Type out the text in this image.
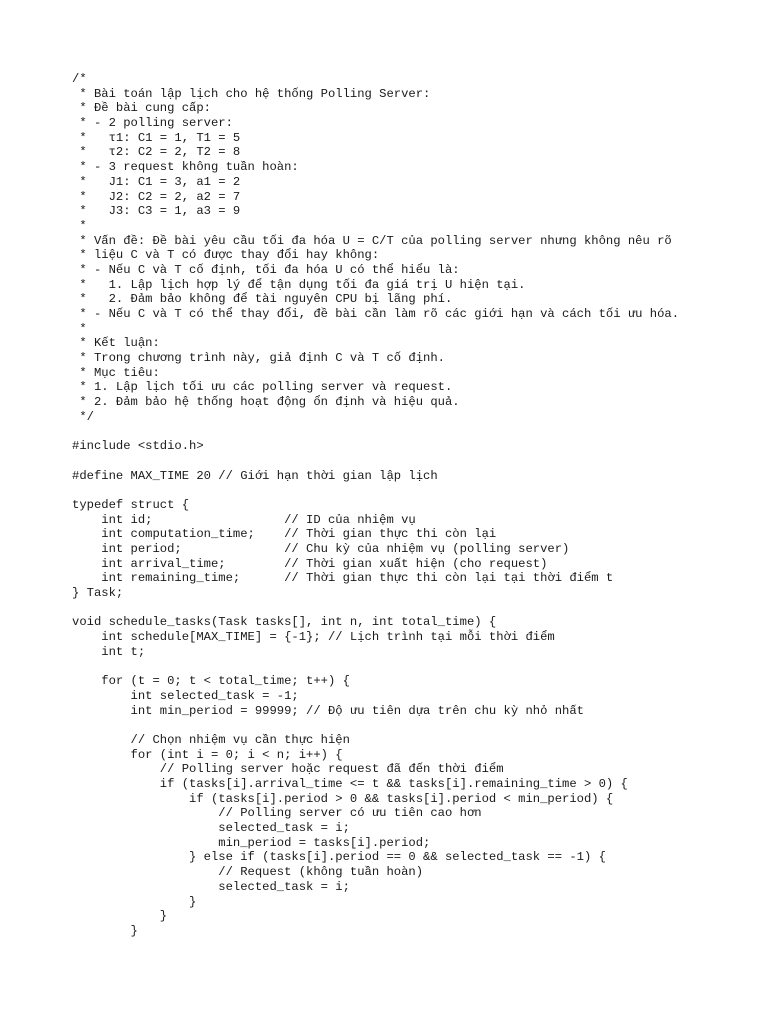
/*
* Bài toán lập lịch cho hệ thống Polling Server:
* Đề bài cung cấp:
* - 2 polling server:
*   τ1: C1 = 1, T1 = 5
*   τ2: C2 = 2, T2 = 8
* - 3 request không tuần hoàn:
*   J1: C1 = 3, a1 = 2
*   J2: C2 = 2, a2 = 7
*   J3: C3 = 1, a3 = 9
*
* Vấn đề: Đề bài yêu cầu tối đa hóa U = C/T của polling server nhưng không nêu rõ
* liệu C và T có được thay đổi hay không:
* - Nếu C và T cố định, tối đa hóa U có thể hiểu là:
*   1. Lập lịch hợp lý để tận dụng tối đa giá trị U hiện tại.
*   2. Đảm bảo không để tài nguyên CPU bị lãng phí.
* - Nếu C và T có thể thay đổi, đề bài cần làm rõ các giới hạn và cách tối ưu hóa.
*
* Kết luận:
* Trong chương trình này, giả định C và T cố định.
* Mục tiêu:
* 1. Lập lịch tối ưu các polling server và request.
* 2. Đảm bảo hệ thống hoạt động ổn định và hiệu quả.
*/
#include <stdio.h>
#define MAX_TIME 20 // Giới hạn thời gian lập lịch
typedef struct {
int id;                  // ID của nhiệm vụ
int computation_time;    // Thời gian thực thi còn lại
int period;              // Chu kỳ của nhiệm vụ (polling server)
int arrival_time;        // Thời gian xuất hiện (cho request)
int remaining_time;      // Thời gian thực thi còn lại tại thời điểm t
} Task;
void schedule_tasks(Task tasks[], int n, int total_time) {
int schedule[MAX_TIME] = {-1}; // Lịch trình tại mỗi thời điểm
int t;
for (t = 0; t < total_time; t++) {
int selected_task = -1;
int min_period = 99999; // Độ ưu tiên dựa trên chu kỳ nhỏ nhất
// Chọn nhiệm vụ cần thực hiện
for (int i = 0; i < n; i++) {
// Polling server hoặc request đã đến thời điểm
if (tasks[i].arrival_time <= t && tasks[i].remaining_time > 0) {
if (tasks[i].period > 0 && tasks[i].period < min_period) {
// Polling server có ưu tiên cao hơn
selected_task = i;
min_period = tasks[i].period;
} else if (tasks[i].period == 0 && selected_task == -1) {
// Request (không tuần hoàn)
selected_task = i;
}
}
}
